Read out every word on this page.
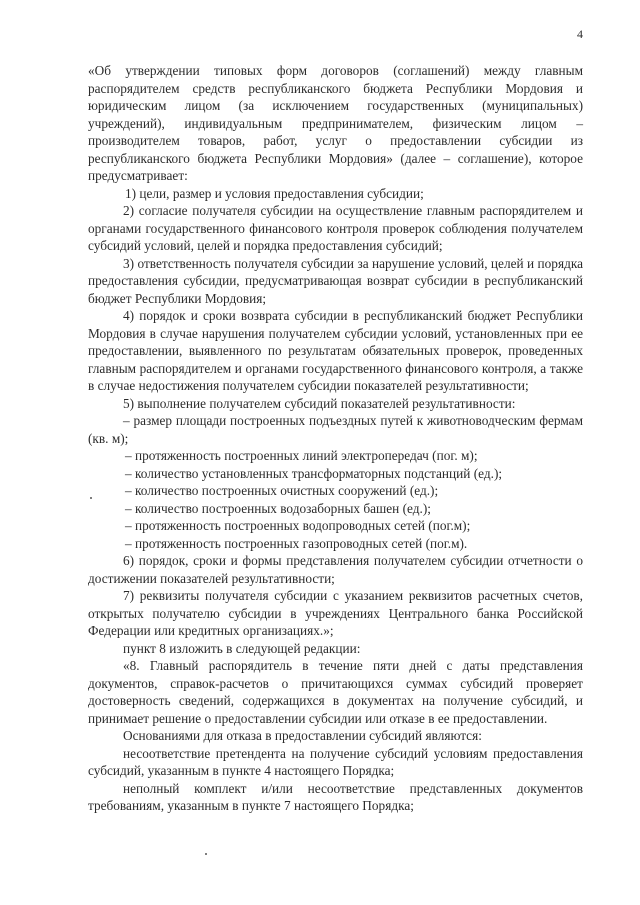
4

«Об утверждении типовых форм договоров (соглашений) между главным распорядителем средств республиканского бюджета Республики Мордовия и юридическим лицом (за исключением государственных (муниципальных) учреждений), индивидуальным предпринимателем, физическим лицом – производителем товаров, работ, услуг о предоставлении субсидии из республиканского бюджета Республики Мордовия» (далее – соглашение), которое предусматривает:

1) цели, размер и условия предоставления субсидии;

2) согласие получателя субсидии на осуществление главным распорядителем и органами государственного финансового контроля проверок соблюдения получателем субсидий условий, целей и порядка предоставления субсидий;

3) ответственность получателя субсидии за нарушение условий, целей и порядка предоставления субсидии, предусматривающая возврат субсидии в республиканский бюджет Республики Мордовия;

4) порядок и сроки возврата субсидии в республиканский бюджет Республики Мордовия в случае нарушения получателем субсидии условий, установленных при ее предоставлении, выявленного по результатам обязательных проверок, проведенных главным распорядителем и органами государственного финансового контроля, а также в случае недостижения получателем субсидии показателей результативности;

5) выполнение получателем субсидий показателей результативности:

– размер площади построенных подъездных путей к животноводческим фермам (кв. м);

– протяженность построенных линий электропередач (пог. м);

– количество установленных трансформаторных подстанций (ед.);

– количество построенных очистных сооружений (ед.);

– количество построенных водозаборных башен (ед.);

– протяженность построенных водопроводных сетей (пог.м);

– протяженность построенных газопроводных сетей (пог.м).

6) порядок, сроки и формы представления получателем субсидии отчетности о достижении показателей результативности;

7) реквизиты получателя субсидии с указанием реквизитов расчетных счетов, открытых получателю субсидии в учреждениях Центрального банка Российской Федерации или кредитных организациях.»;

пункт 8 изложить в следующей редакции:

«8. Главный распорядитель в течение пяти дней с даты представления документов, справок-расчетов о причитающихся суммах субсидий проверяет достоверность сведений, содержащихся в документах на получение субсидий, и принимает решение о предоставлении субсидии или отказе в ее предоставлении.

Основаниями для отказа в предоставлении субсидий являются:

несоответствие претендента на получение субсидий условиям предоставления субсидий, указанным в пункте 4 настоящего Порядка;

неполный комплект и/или несоответствие представленных документов требованиям, указанным в пункте 7 настоящего Порядка;
